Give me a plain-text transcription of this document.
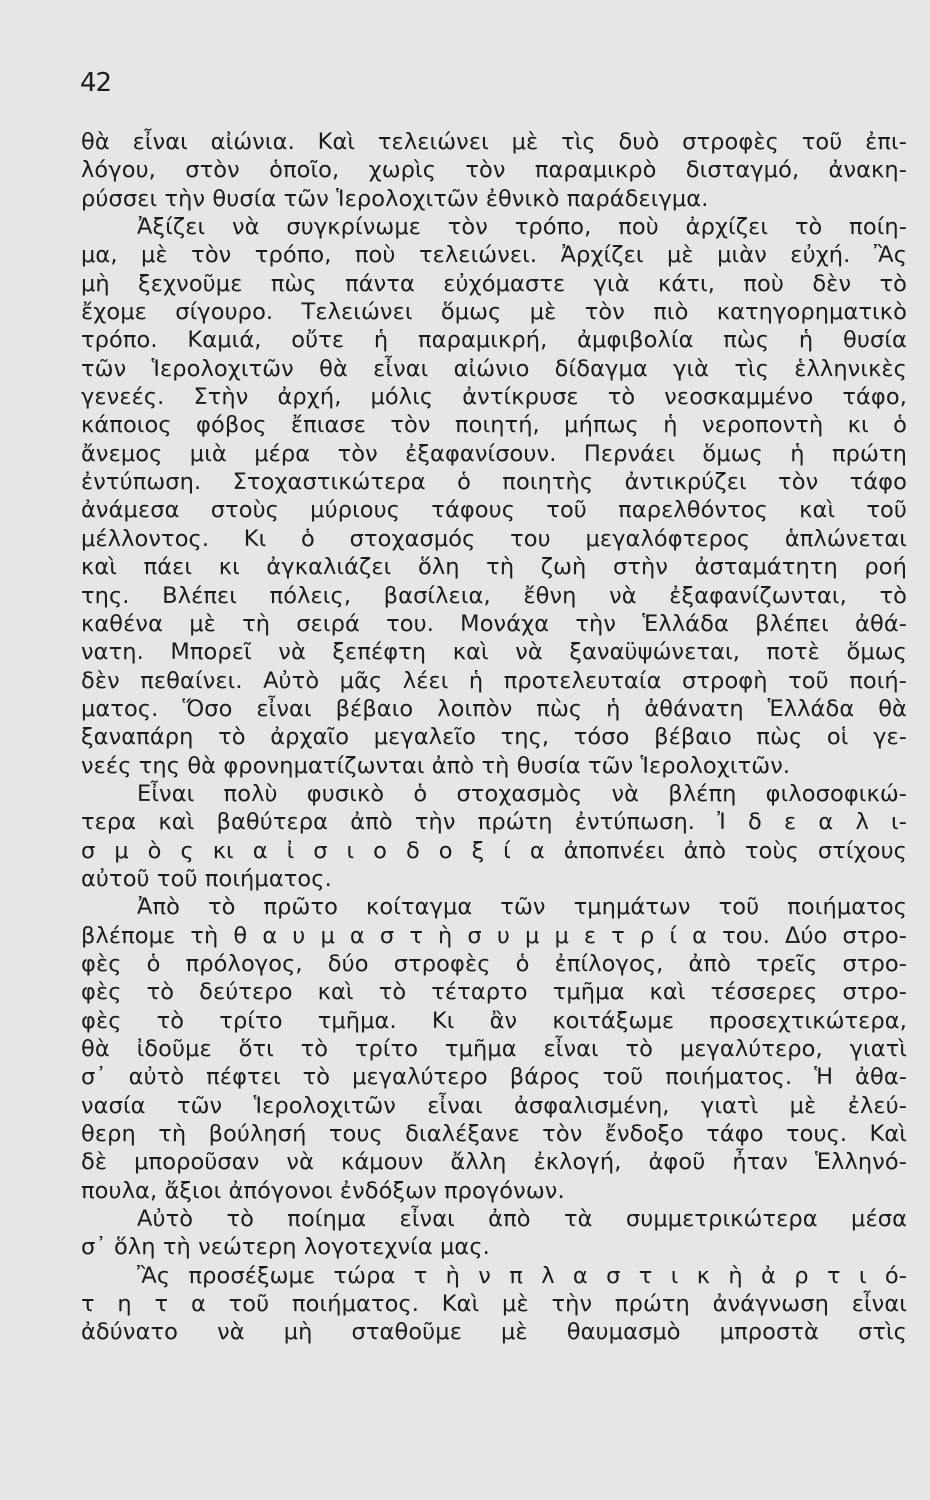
42
θὰ εἶναι αἰώνια. Καὶ τελειώνει μὲ τὶς δυὸ στροφὲς τοῦ ἐπι-
λόγου, στὸν ὁποῖο, χωρὶς τὸν παραμικρὸ δισταγμό, ἀνακη-
ρύσσει τὴν θυσία τῶν Ἱερολοχιτῶν ἐθνικὸ παράδειγμα.
Ἀξίζει νὰ συγκρίνωμε τὸν τρόπο, ποὺ ἀρχίζει τὸ ποίη-
μα, μὲ τὸν τρόπο, ποὺ τελειώνει. Ἀρχίζει μὲ μιὰν εὐχή. Ἂς
μὴ ξεχνοῦμε πὼς πάντα εὐχόμαστε γιὰ κάτι, ποὺ δὲν τὸ
ἔχομε σίγουρο. Τελειώνει ὅμως μὲ τὸν πιὸ κατηγορηματικὸ
τρόπο. Καμιά, οὔτε ἡ παραμικρή, ἀμφιβολία πὼς ἡ θυσία
τῶν Ἱερολοχιτῶν θὰ εἶναι αἰώνιο δίδαγμα γιὰ τὶς ἑλληνικὲς
γενεές. Στὴν ἀρχή, μόλις ἀντίκρυσε τὸ νεοσκαμμένο τάφο,
κάποιος φόβος ἔπιασε τὸν ποιητή, μήπως ἡ νεροποντὴ κι ὁ
ἄνεμος μιὰ μέρα τὸν ἐξαφανίσουν. Περνάει ὅμως ἡ πρώτη
ἐντύπωση. Στοχαστικώτερα ὁ ποιητὴς ἀντικρύζει τὸν τάφο
ἀνάμεσα στοὺς μύριους τάφους τοῦ παρελθόντος καὶ τοῦ
μέλλοντος. Κι ὁ στοχασμός του μεγαλόφτερος ἁπλώνεται
καὶ πάει κι ἀγκαλιάζει ὅλη τὴ ζωὴ στὴν ἀσταμάτητη ροή
της. Βλέπει πόλεις, βασίλεια, ἔθνη νὰ ἐξαφανίζωνται, τὸ
καθένα μὲ τὴ σειρά του. Μονάχα τὴν Ἑλλάδα βλέπει ἀθά-
νατη. Μπορεῖ νὰ ξεπέφτη καὶ νὰ ξαναϋψώνεται, ποτὲ ὅμως
δὲν πεθαίνει. Αὐτὸ μᾶς λέει ἡ προτελευταία στροφὴ τοῦ ποιή-
ματος. Ὅσο εἶναι βέβαιο λοιπὸν πὼς ἡ ἀθάνατη Ἑλλάδα θὰ
ξαναπάρη τὸ ἀρχαῖο μεγαλεῖο της, τόσο βέβαιο πὼς οἱ γε-
νεές της θὰ φρονηματίζωνται ἀπὸ τὴ θυσία τῶν Ἱερολοχιτῶν.
Εἶναι πολὺ φυσικὸ ὁ στοχασμὸς νὰ βλέπη φιλοσοφικώ-
τερα καὶ βαθύτερα ἀπὸ τὴν πρώτη ἐντύπωση. Ἰ δ ε α λ ι-
σ μ ὸ ς κι α ἰ σ ι ο δ ο ξ ί α ἀποπνέει ἀπὸ τοὺς στίχους
αὐτοῦ τοῦ ποιήματος.
Ἀπὸ τὸ πρῶτο κοίταγμα τῶν τμημάτων τοῦ ποιήματος
βλέπομε τὴ θ α υ μ α σ τ ὴ σ υ μ μ ε τ ρ ί α του. Δύο στρο-
φὲς ὁ πρόλογος, δύο στροφὲς ὁ ἐπίλογος, ἀπὸ τρεῖς στρο-
φὲς τὸ δεύτερο καὶ τὸ τέταρτο τμῆμα καὶ τέσσερες στρο-
φὲς τὸ τρίτο τμῆμα. Κι ἂν κοιτάξωμε προσεχτικώτερα,
θὰ ἰδοῦμε ὅτι τὸ τρίτο τμῆμα εἶναι τὸ μεγαλύτερο, γιατὶ
σ᾽ αὐτὸ πέφτει τὸ μεγαλύτερο βάρος τοῦ ποιήματος. Ἡ ἀθα-
νασία τῶν Ἱερολοχιτῶν εἶναι ἀσφαλισμένη, γιατὶ μὲ ἐλεύ-
θερη τὴ βούλησή τους διαλέξανε τὸν ἔνδοξο τάφο τους. Καὶ
δὲ μποροῦσαν νὰ κάμουν ἄλλη ἐκλογή, ἀφοῦ ἦταν Ἑλληνό-
πουλα, ἄξιοι ἀπόγονοι ἐνδόξων προγόνων.
Αὐτὸ τὸ ποίημα εἶναι ἀπὸ τὰ συμμετρικώτερα μέσα
σ᾽ ὅλη τὴ νεώτερη λογοτεχνία μας.
Ἂς προσέξωμε τώρα τ ὴ ν π λ α σ τ ι κ ὴ ἀ ρ τ ι ό-
τ η τ α τοῦ ποιήματος. Καὶ μὲ τὴν πρώτη ἀνάγνωση εἶναι
ἀδύνατο νὰ μὴ σταθοῦμε μὲ θαυμασμὸ μπροστὰ στὶς
